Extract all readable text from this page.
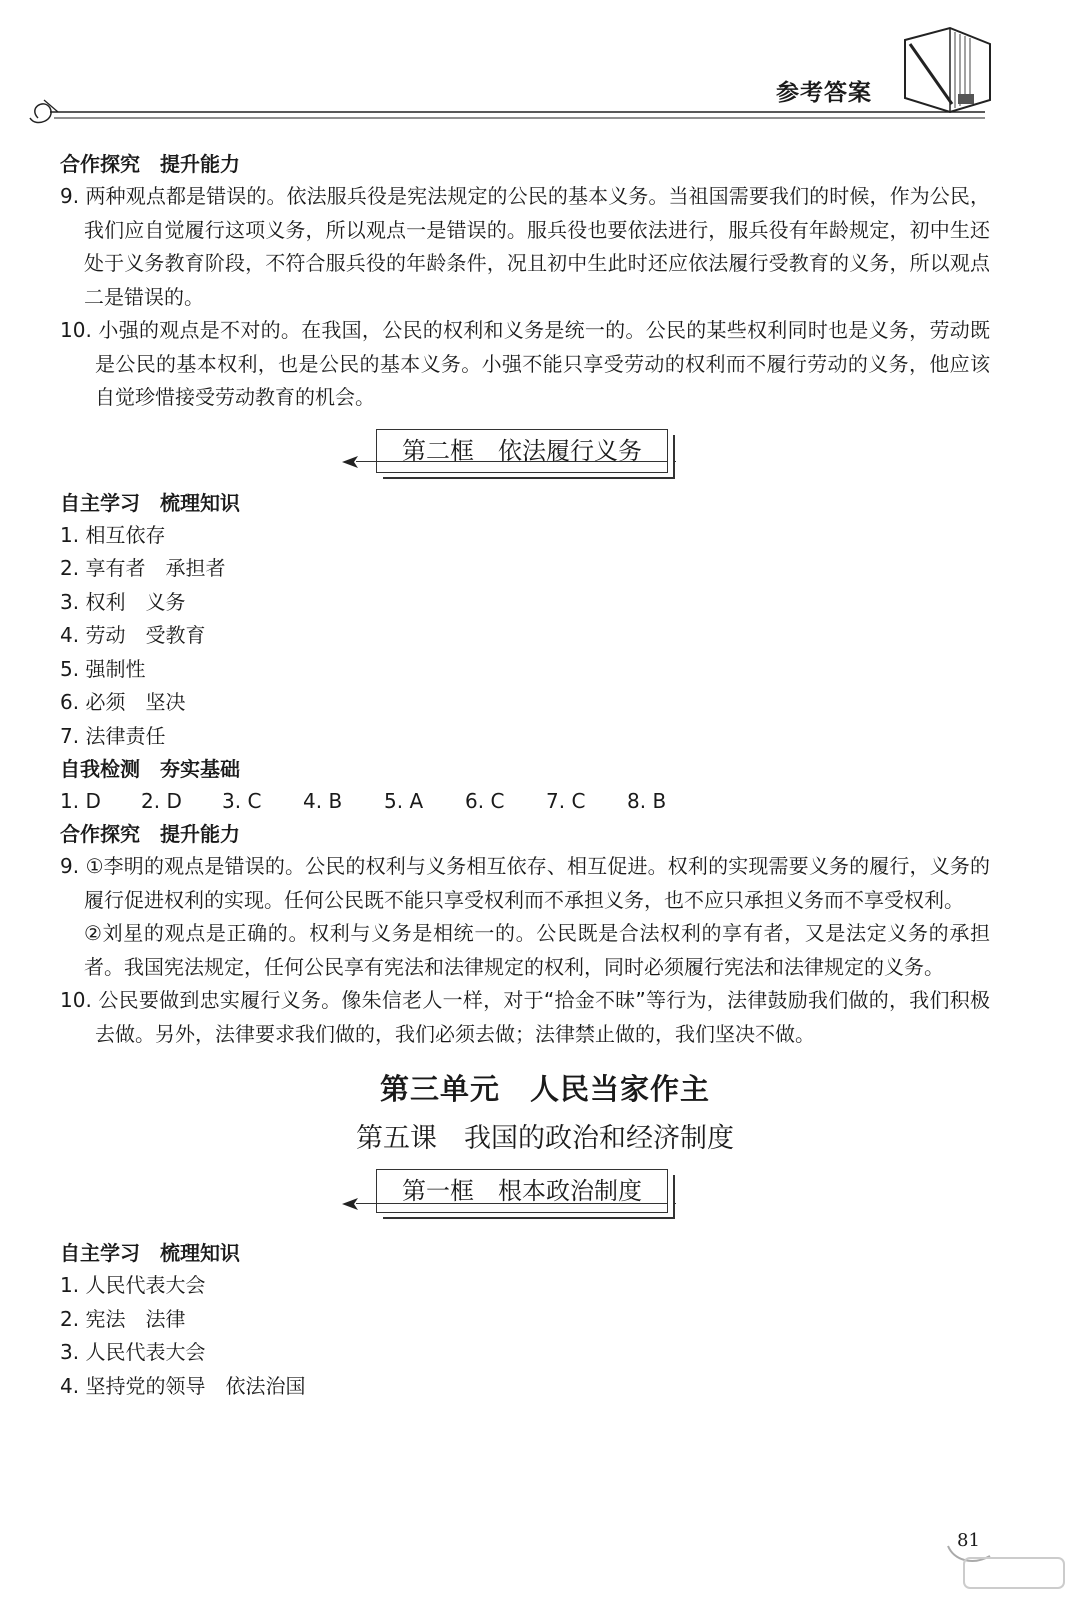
参考答案
合作探究　提升能力
9. 两种观点都是错误的。依法服兵役是宪法规定的公民的基本义务。当祖国需要我们的时候，作为公民，我们应自觉履行这项义务，所以观点一是错误的。服兵役也要依法进行，服兵役有年龄规定，初中生还处于义务教育阶段，不符合服兵役的年龄条件，况且初中生此时还应依法履行受教育的义务，所以观点二是错误的。
10. 小强的观点是不对的。在我国，公民的权利和义务是统一的。公民的某些权利同时也是义务，劳动既是公民的基本权利，也是公民的基本义务。小强不能只享受劳动的权利而不履行劳动的义务，他应该自觉珍惜接受劳动教育的机会。
第二框　依法履行义务
自主学习　梳理知识
1. 相互依存
2. 享有者　承担者
3. 权利　义务
4. 劳动　受教育
5. 强制性
6. 必须　坚决
7. 法律责任
自我检测　夯实基础
1. D	2. D	3. C	4. B	5. A	6. C	7. C	8. B
合作探究　提升能力
9. ①李明的观点是错误的。公民的权利与义务相互依存、相互促进。权利的实现需要义务的履行，义务的履行促进权利的实现。任何公民既不能只享受权利而不承担义务，也不应只承担义务而不享受权利。
②刘星的观点是正确的。权利与义务是相统一的。公民既是合法权利的享有者，又是法定义务的承担者。我国宪法规定，任何公民享有宪法和法律规定的权利，同时必须履行宪法和法律规定的义务。
10. 公民要做到忠实履行义务。像朱信老人一样，对于“拾金不昧”等行为，法律鼓励我们做的，我们积极去做。另外，法律要求我们做的，我们必须去做；法律禁止做的，我们坚决不做。
第三单元　人民当家作主
第五课　我国的政治和经济制度
第一框　根本政治制度
自主学习　梳理知识
1. 人民代表大会
2. 宪法　法律
3. 人民代表大会
4. 坚持党的领导　依法治国
81
